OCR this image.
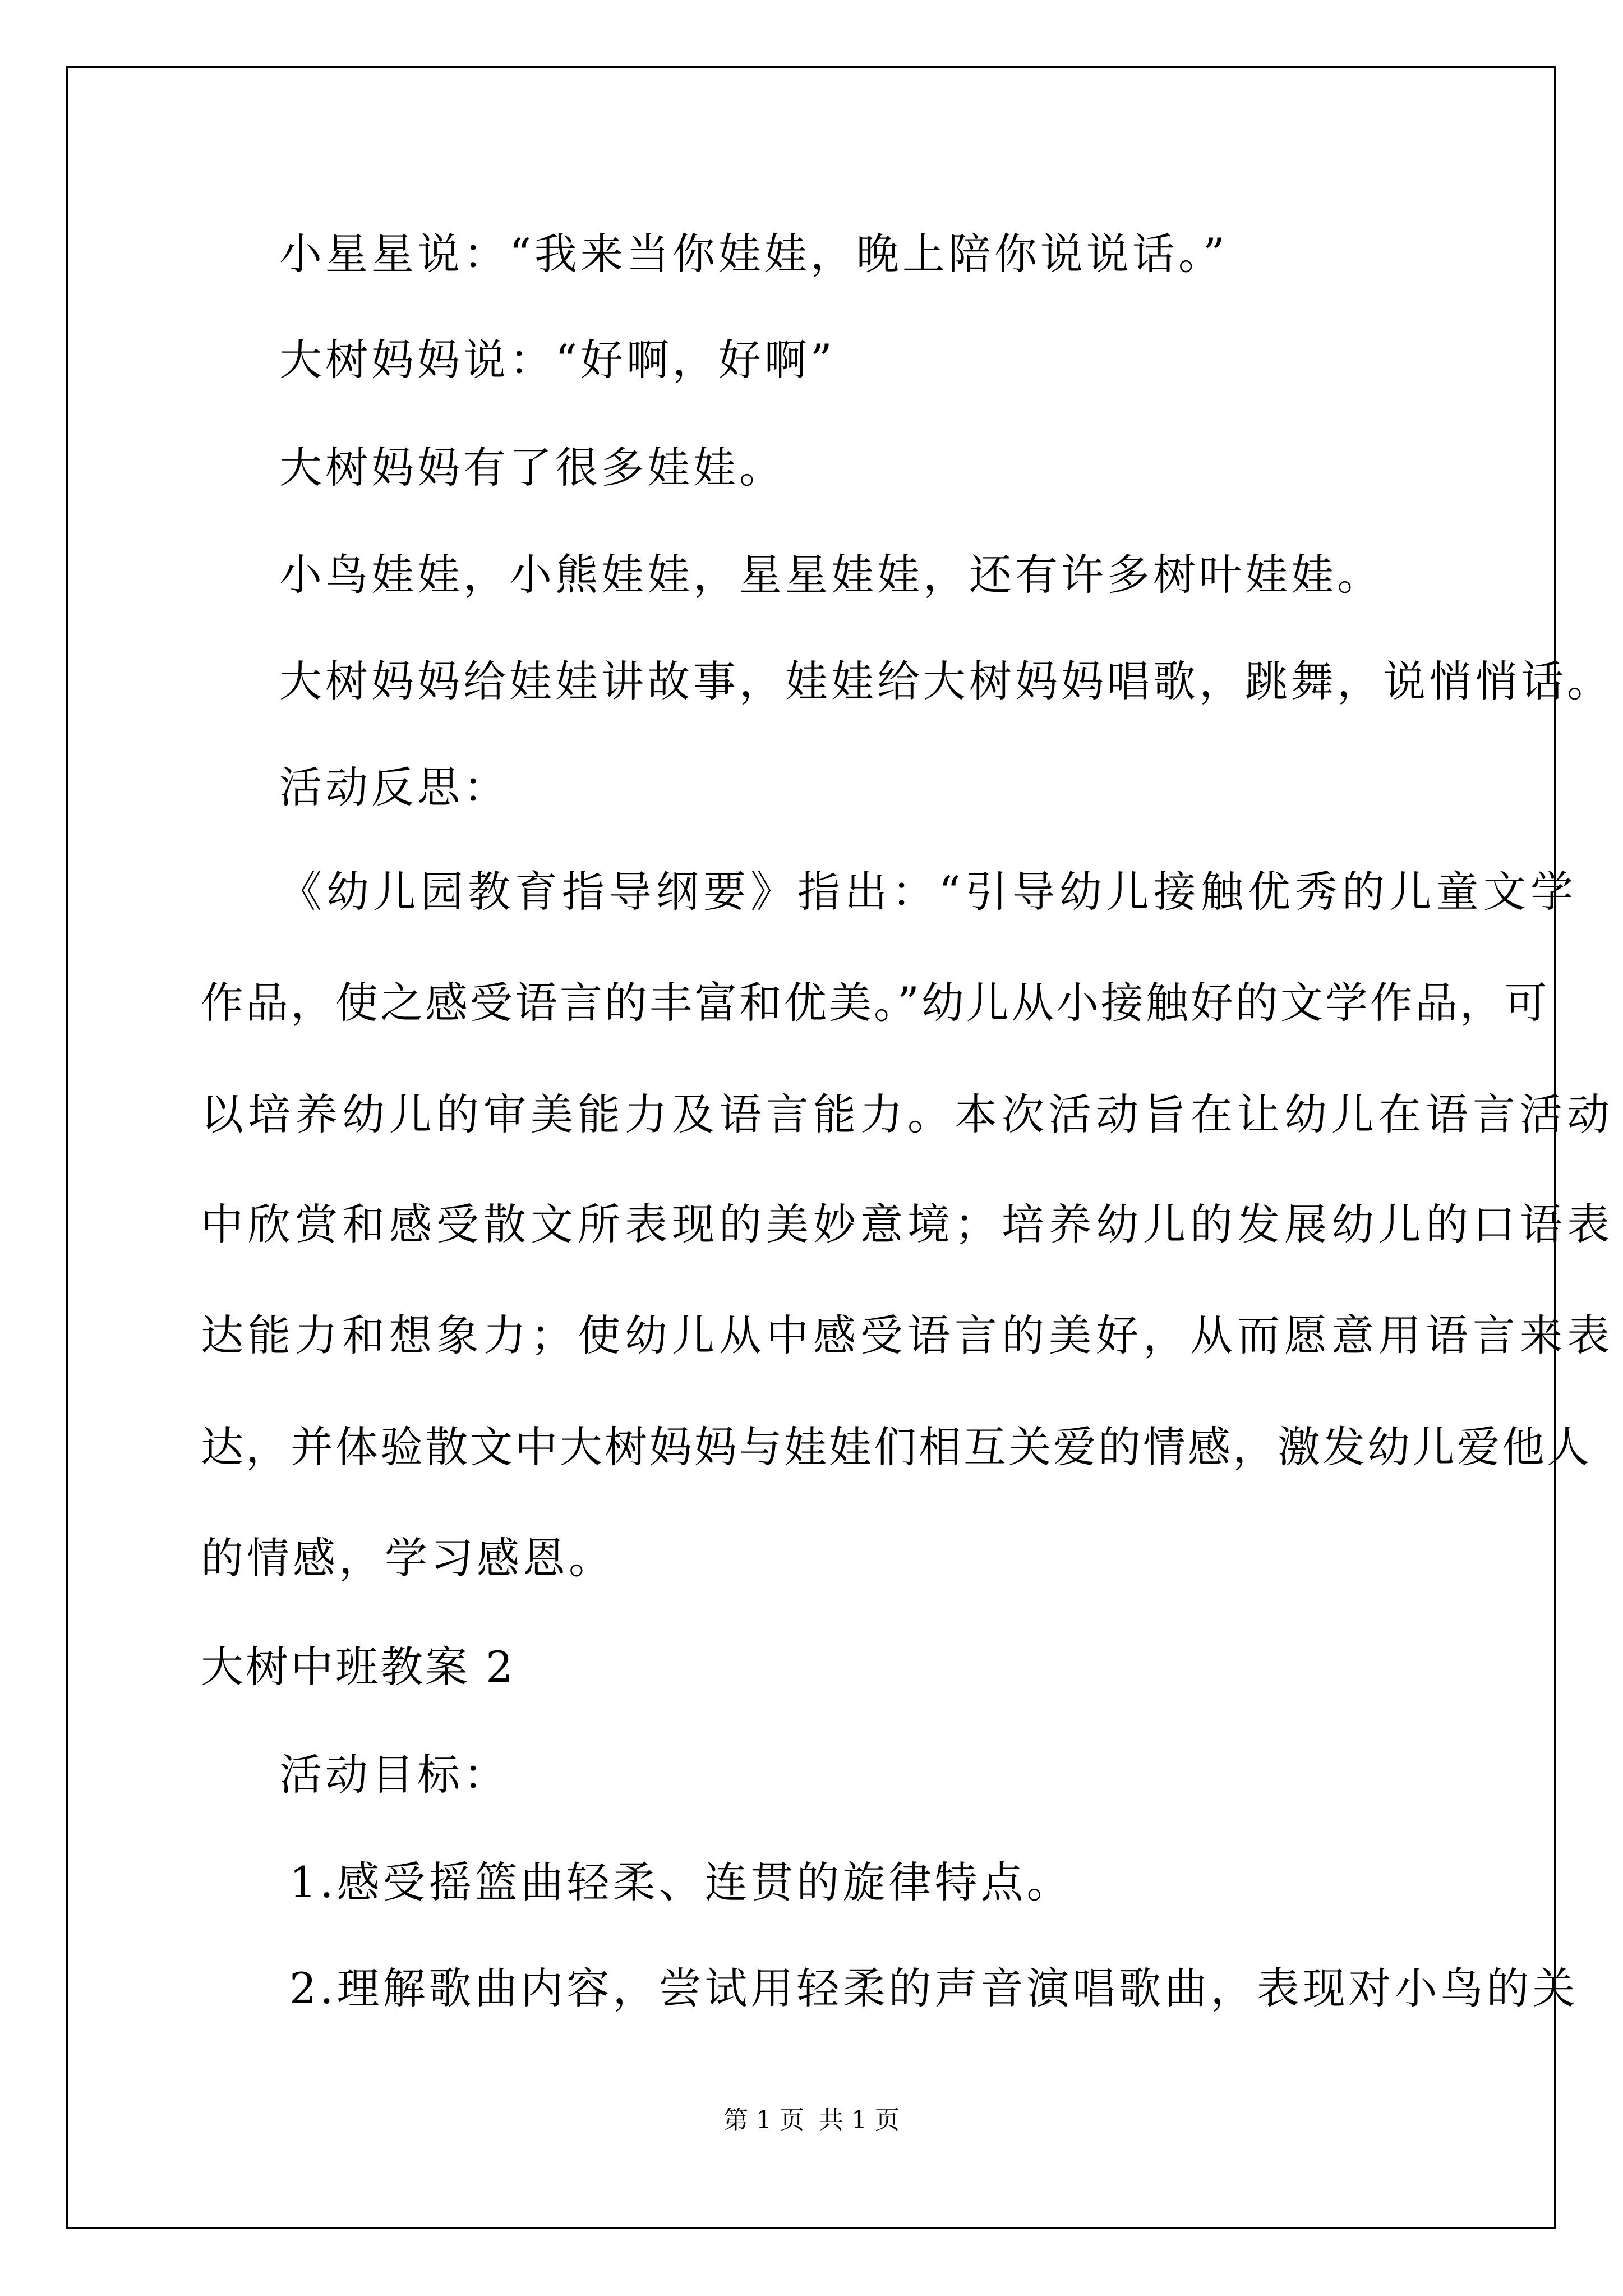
小星星说：“我来当你娃娃，晚上陪你说说话。”
大树妈妈说：“好啊，好啊”
大树妈妈有了很多娃娃。
小鸟娃娃，小熊娃娃，星星娃娃，还有许多树叶娃娃。
大树妈妈给娃娃讲故事，娃娃给大树妈妈唱歌，跳舞，说悄悄话。
活动反思：
《幼儿园教育指导纲要》指出：“引导幼儿接触优秀的儿童文学
作品，使之感受语言的丰富和优美。”幼儿从小接触好的文学作品，可
以培养幼儿的审美能力及语言能力。本次活动旨在让幼儿在语言活动
中欣赏和感受散文所表现的美妙意境；培养幼儿的发展幼儿的口语表
达能力和想象力；使幼儿从中感受语言的美好，从而愿意用语言来表
达，并体验散文中大树妈妈与娃娃们相互关爱的情感，激发幼儿爱他人
的情感，学习感恩。
大树中班教案 2
活动目标：
1.感受摇篮曲轻柔、连贯的旋律特点。
2.理解歌曲内容，尝试用轻柔的声音演唱歌曲，表现对小鸟的关
第 1 页 共 1 页
